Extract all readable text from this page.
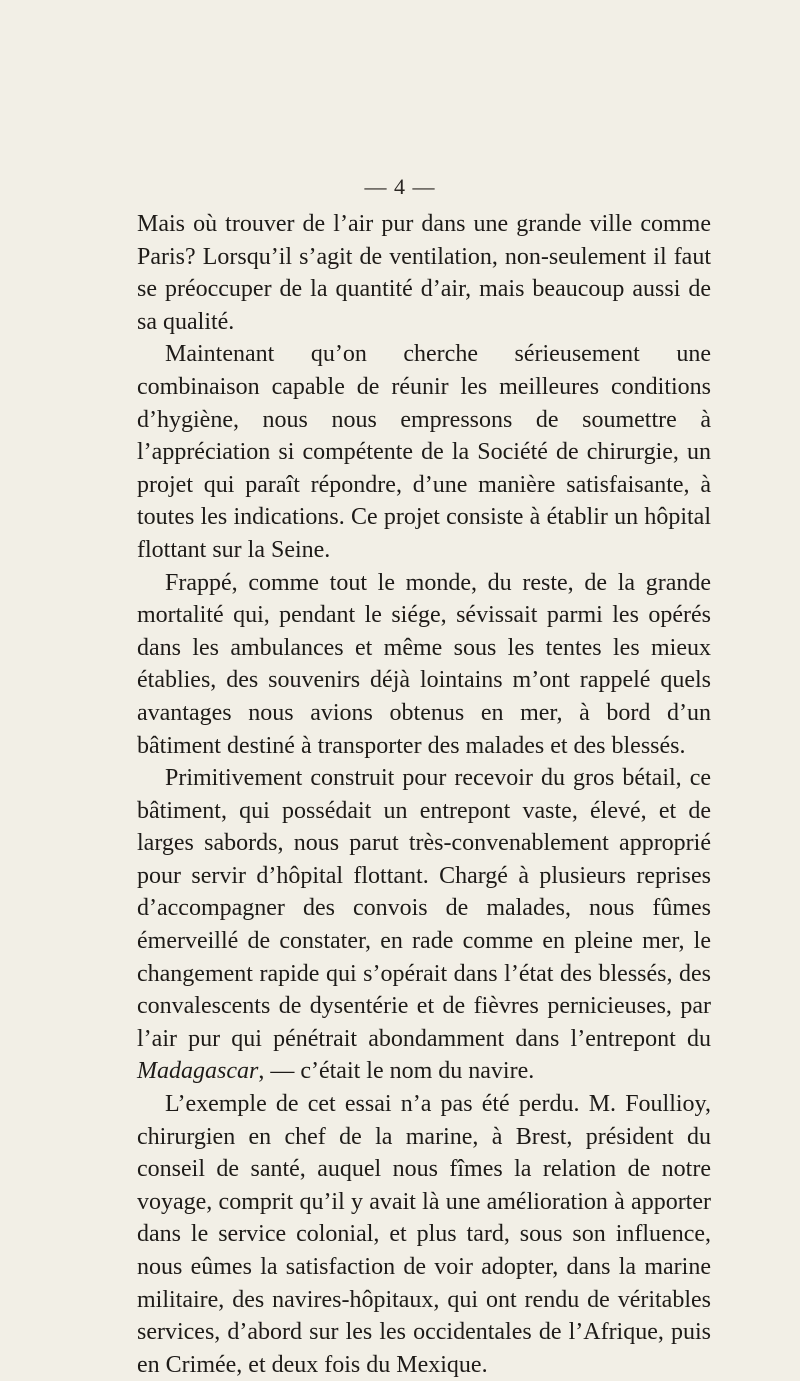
— 4 —

Mais où trouver de l’air pur dans une grande ville comme Paris? Lorsqu’il s’agit de ventilation, non-seulement il faut se préoccuper de la quantité d’air, mais beaucoup aussi de sa qualité.

Maintenant qu’on cherche sérieusement une combinaison capable de réunir les meilleures conditions d’hygiène, nous nous empressons de soumettre à l’appréciation si compétente de la Société de chirurgie, un projet qui paraît répondre, d’une manière satisfaisante, à toutes les indications. Ce projet consiste à établir un hôpital flottant sur la Seine.

Frappé, comme tout le monde, du reste, de la grande mortalité qui, pendant le siége, sévissait parmi les opérés dans les ambulances et même sous les tentes les mieux établies, des souvenirs déjà lointains m’ont rappelé quels avantages nous avions obtenus en mer, à bord d’un bâtiment destiné à transporter des malades et des blessés.

Primitivement construit pour recevoir du gros bétail, ce bâtiment, qui possédait un entrepont vaste, élevé, et de larges sabords, nous parut très-convenablement approprié pour servir d’hôpital flottant. Chargé à plusieurs reprises d’accompagner des convois de malades, nous fûmes émerveillé de constater, en rade comme en pleine mer, le changement rapide qui s’opérait dans l’état des blessés, des convalescents de dysentérie et de fièvres pernicieuses, par l’air pur qui pénétrait abondamment dans l’entrepont du Madagascar, — c’était le nom du navire.

L’exemple de cet essai n’a pas été perdu. M. Foullioy, chirurgien en chef de la marine, à Brest, président du conseil de santé, auquel nous fîmes la relation de notre voyage, comprit qu’il y avait là une amélioration à apporter dans le service colonial, et plus tard, sous son influence, nous eûmes la satisfaction de voir adopter, dans la marine militaire, des navires-hôpitaux, qui ont rendu de véritables services, d’abord sur les les occidentales de l’Afrique, puis en Crimée, et deux fois du Mexique.
